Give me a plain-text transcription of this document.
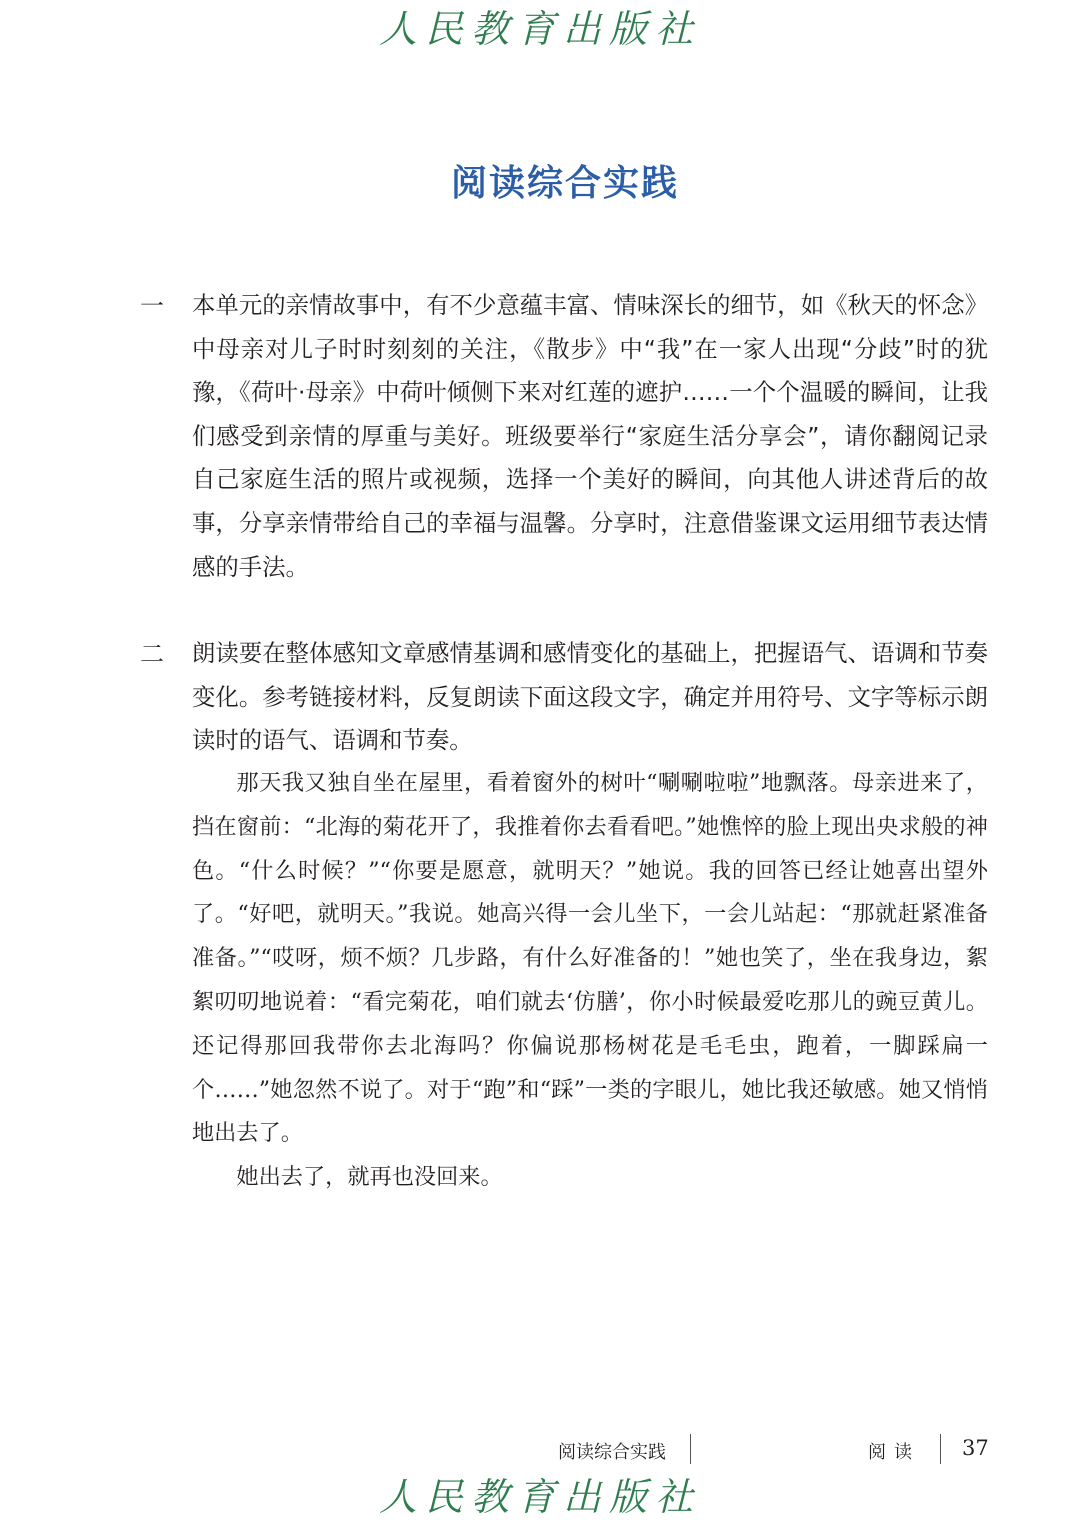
人民教育出版社
阅读综合实践
一 本单元的亲情故事中，有不少意蕴丰富、情味深长的细节，如《秋天的怀念》中母亲对儿子时时刻刻的关注，《散步》中“我”在一家人出现“分歧”时的犹豫，《荷叶·母亲》中荷叶倾侧下来对红莲的遮护……一个个温暖的瞬间，让我们感受到亲情的厚重与美好。班级要举行“家庭生活分享会”，请你翻阅记录自己家庭生活的照片或视频，选择一个美好的瞬间，向其他人讲述背后的故事，分享亲情带给自己的幸福与温馨。分享时，注意借鉴课文运用细节表达情感的手法。
二 朗读要在整体感知文章感情基调和感情变化的基础上，把握语气、语调和节奏变化。参考链接材料，反复朗读下面这段文字，确定并用符号、文字等标示朗读时的语气、语调和节奏。

那天我又独自坐在屋里，看着窗外的树叶“唰唰啦啦”地飘落。母亲进来了，挡在窗前：“北海的菊花开了，我推着你去看看吧。”她憔悴的脸上现出央求般的神色。“什么时候？”“你要是愿意，就明天？”她说。我的回答已经让她喜出望外了。“好吧，就明天。”我说。她高兴得一会儿坐下，一会儿站起：“那就赶紧准备准备。”“哎呀，烦不烦？几步路，有什么好准备的！”她也笑了，坐在我身边，絮絮叨叨地说着：“看完菊花，咱们就去‘仿膳’，你小时候最爱吃那儿的豌豆黄儿。还记得那回我带你去北海吗？你偏说那杨树花是毛毛虫，跑着，一脚踩扁一个……”她忽然不说了。对于“跑”和“踩”一类的字眼儿，她比我还敏感。她又悄悄地出去了。

她出去了，就再也没回来。

阅读综合实践	阅读 37
人民教育出版社
